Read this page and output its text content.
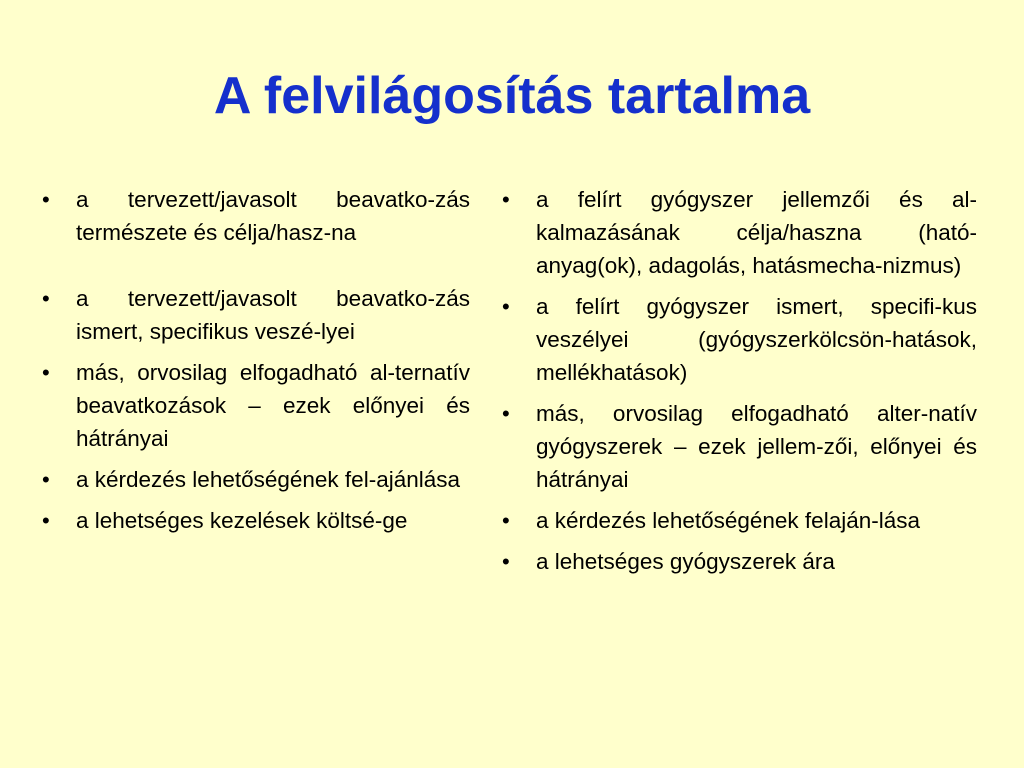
A felvilágosítás tartalma
• a tervezett/javasolt beavatko-zás természete és célja/hasz-na
• a tervezett/javasolt beavatko-zás ismert, specifikus veszé-lyei
• más, orvosilag elfogadható al-ternatív beavatkozások – ezek előnyei és hátrányai
• a kérdezés lehetőségének fel-ajánlása
• a lehetséges kezelések költsé-ge
• a felírt gyógyszer jellemzői és al-kalmazásának célja/haszna (ható-anyag(ok), adagolás, hatásmecha-nizmus)
• a felírt gyógyszer ismert, specifi-kus veszélyei (gyógyszerkölcsön-hatások, mellékhatások)
• más, orvosilag elfogadható alter-natív gyógyszerek – ezek jellem-zői, előnyei és hátrányai
• a kérdezés lehetőségének felaján-lása
• a lehetséges gyógyszerek ára
